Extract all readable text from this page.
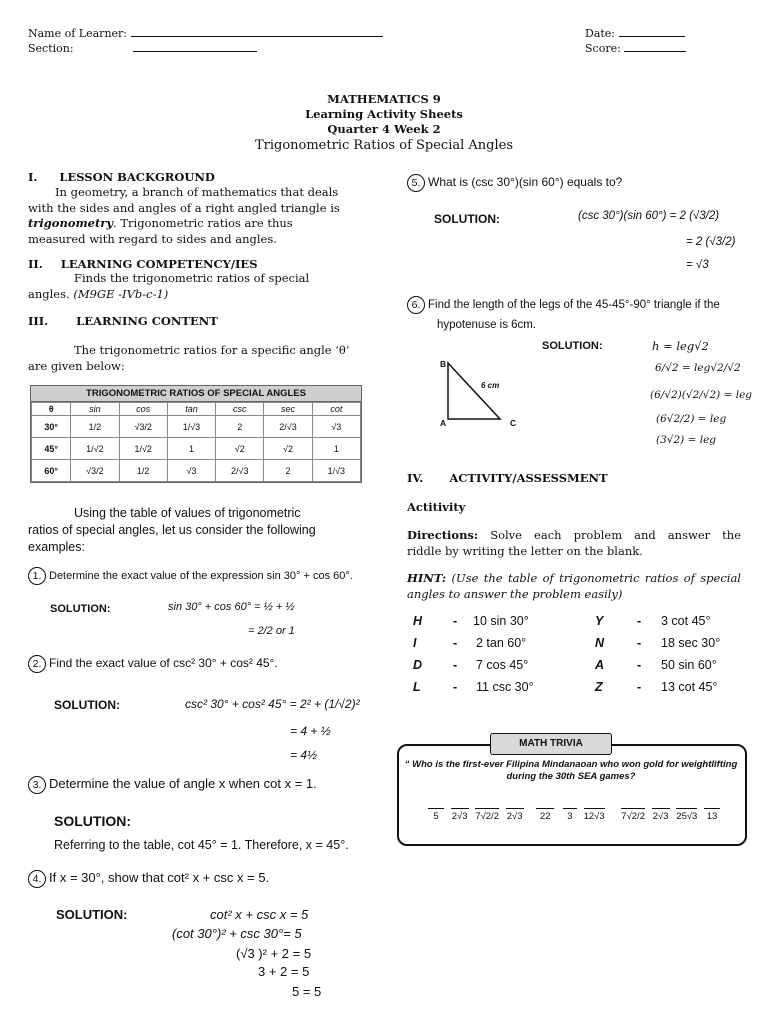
Name of Learner:
Section:
Date:
Score:
MATHEMATICS 9
Learning Activity Sheets
Quarter 4 Week 2
Trigonometric Ratios of Special Angles
I. LESSON BACKGROUND
In geometry, a branch of mathematics that deals
with the sides and angles of a right angled triangle is
trigonometry. Trigonometric ratios are thus
measured with regard to sides and angles.
II. LEARNING COMPETENCY/IES
Finds the trigonometric ratios of special
angles. (M9GE -IVb-c-1)
III. LEARNING CONTENT
The trigonometric ratios for a specific angle ‘θ’
are given below:
TRIGONOMETRIC RATIOS OF SPECIAL ANGLES
θ	sin	cos	tan	csc	sec	cot
30°	1/2	√3/2	1/√3	2	2/√3	√3
45°	1/√2	1/√2	1	√2	√2	1
60°	√3/2	1/2	√3	2/√3	2	1/√3
Using the table of values of trigonometric
ratios of special angles, let us consider the following
examples:
1. Determine the exact value of the expression sin 30° + cos 60°.
SOLUTION:	sin 30° + cos 60° = ½ + ½
= 2/2 or 1
2. Find the exact value of csc² 30° + cos² 45°.
SOLUTION:	csc² 30° + cos² 45° = 2² + (1/√2)²
= 4 + ½
= 4½
3. Determine the value of angle x when cot x = 1.
SOLUTION:
Referring to the table, cot 45° = 1. Therefore, x = 45°.
4. If x = 30°, show that cot² x + csc x = 5.
SOLUTION:	cot² x + csc x = 5
(cot 30°)² + csc 30°= 5
(√3 )² + 2 = 5
3 + 2 = 5
5 = 5
5. What is (csc 30°)(sin 60°) equals to?
SOLUTION:	(csc 30°)(sin 60°) = 2 (√3/2)
= 2 (√3/2)
= √3
6. Find the length of the legs of the 45-45°-90° triangle if the
hypotenuse is 6cm.
SOLUTION:
B
A	C
6 cm
h = leg√2
6/√2 = leg√2/√2
(6/√2)(√2/√2) = leg
(6√2/2) = leg
(3√2) = leg
IV. ACTIVITY/ASSESSMENT
Actitivity
Directions: Solve each problem and answer the
riddle by writing the letter on the blank.
HINT: (Use the table of trigonometric ratios of special
angles to answer the problem easily)
H - 10 sin 30°	Y	- 3 cot 45°
I	- 2 tan 60°	N	- 18 sec 30°
D - 7 cos 45°	A	- 50 sin 60°
L	- 11 csc 30°	Z	- 13 cot 45°
MATH TRIVIA
“ Who is the first-ever Filipina Mindanaoan who won gold for weightlifting
during the 30th SEA games?
5 2√3 7√2/2 2√3 22 3 12√3 7√2/2 2√3 25√3 13
